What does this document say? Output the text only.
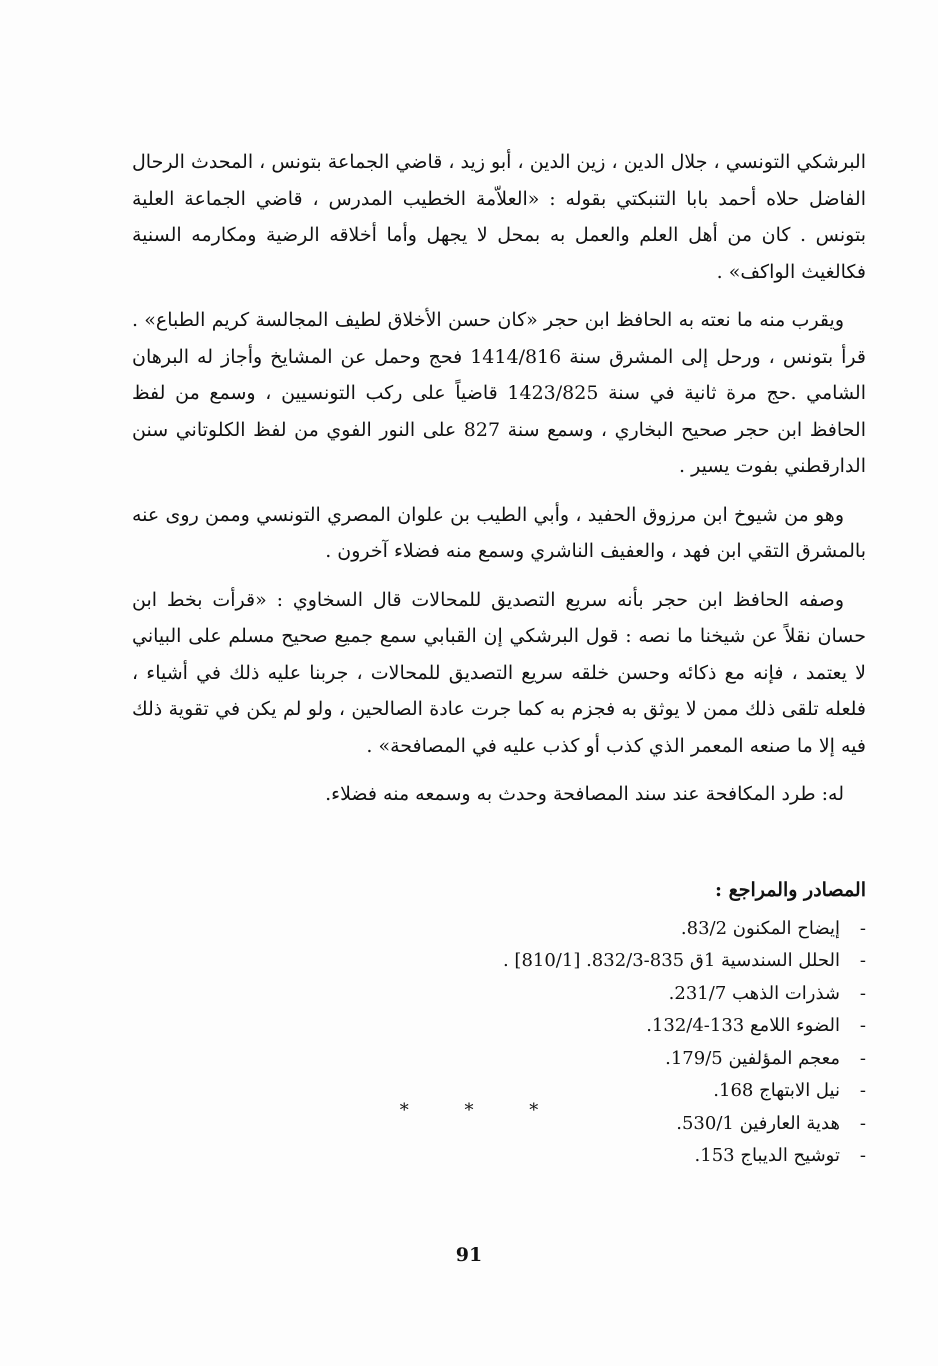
البرشكي التونسي ، جلال الدين ، زين الدين ، أبو زيد ، قاضي الجماعة بتونس ، المحدث الرحال الفاضل حلاه أحمد بابا التنبكتي بقوله : «العلاّمة الخطيب المدرس ، قاضي الجماعة العلية بتونس . كان من أهل العلم والعمل به بمحل لا يجهل وأما أخلاقه الرضية ومكارمه السنية فكالغيث الواكف» .

ويقرب منه ما نعته به الحافظ ابن حجر «كان حسن الأخلاق لطيف المجالسة كريم الطباع» . قرأ بتونس ، ورحل إلى المشرق سنة 1414/816 فحج وحمل عن المشايخ وأجاز له البرهان الشامي .حج مرة ثانية في سنة 1423/825 قاضياً على ركب التونسيين ، وسمع من لفظ الحافظ ابن حجر صحيح البخاري ، وسمع سنة 827 على النور الفوي من لفظ الكلوتاني سنن الدارقطني بفوت يسير .

وهو من شيوخ ابن مرزوق الحفيد ، وأبي الطيب بن علوان المصري التونسي وممن روى عنه بالمشرق التقي ابن فهد ، والعفيف الناشري وسمع منه فضلاء آخرون .

وصفه الحافظ ابن حجر بأنه سريع التصديق للمحالات قال السخاوي : «قرأت بخط ابن حسان نقلاً عن شيخنا ما نصه : قول البرشكي إن القبابي سمع جميع صحيح مسلم على البياني لا يعتمد ، فإنه مع ذكائه وحسن خلقه سريع التصديق للمحالات ، جربنا عليه ذلك في أشياء ، فلعله تلقى ذلك ممن لا يوثق به فجزم به كما جرت عادة الصالحين ، ولو لم يكن في تقوية ذلك فيه إلا ما صنعه المعمر الذي كذب أو كذب عليه في المصافحة» .

له: طرد المكافحة عند سند المصافحة وحدث به وسمعه منه فضلاء.

المصادر والمراجع :
-إيضاح المكنون 83/2.
-الحلل السندسية 1ق 835-832/3. [810/1] .
-شذرات الذهب 231/7.
-الضوء اللامع 133-132/4.
-معجم المؤلفين 179/5.
-نيل الابتهاج 168.
-هدية العارفين 530/1.
-توشيح الديباج 153.
*	*	*
91
